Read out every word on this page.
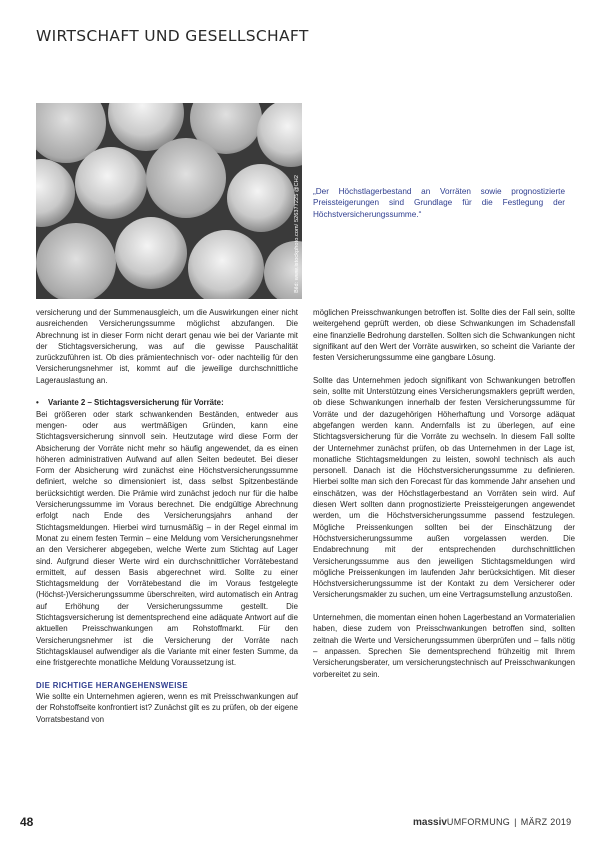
WIRTSCHAFT UND GESELLSCHAFT
Bild: www.istockphoto.com/ 526377225 @CH2 „Der Höchstlagerbestand an Vorräten sowie prognostizierte Preissteigerungen sind Grundlage für die Festlegung der Höchstversicherungssumme.“

versicherung und der Summenausgleich, um die Auswirkungen einer nicht ausreichenden Versicherungssumme möglichst abzufangen. Die Abrechnung ist in dieser Form nicht derart genau wie bei der Variante mit der Stichtagsversicherung, was auf die gewisse Pauschalität zurückzuführen ist. Ob dies prämientechnisch vor- oder nachteilig für den Versicherungsnehmer ist, kommt auf die jeweilige durchschnittliche Lagerauslastung an.

• Variante 2 – Stichtagsversicherung für Vorräte:

Bei größeren oder stark schwankenden Beständen, entweder aus mengen- oder aus wertmäßigen Gründen, kann eine Stichtagsversicherung sinnvoll sein. Heutzutage wird diese Form der Absicherung der Vorräte nicht mehr so häufig angewendet, da es einen höheren administrativen Aufwand auf allen Seiten bedeutet. Bei dieser Form der Absicherung wird zunächst eine Höchstversicherungssumme definiert, welche so dimensioniert ist, dass selbst Spitzenbestände berücksichtigt werden. Die Prämie wird zunächst jedoch nur für die halbe Versicherungssumme im Voraus berechnet. Die endgültige Abrechnung erfolgt nach Ende des Versicherungsjahrs anhand der Stichtagsmeldungen. Hierbei wird turnusmäßig – in der Regel einmal im Monat zu einem festen Termin – eine Meldung vom Versicherungsnehmer an den Versicherer abgegeben, welche Werte zum Stichtag auf Lager sind. Aufgrund dieser Werte wird ein durchschnittlicher Vorrätebestand ermittelt, auf dessen Basis abgerechnet wird. Sollte zu einer Stichtagsmeldung der Vorrätebestand die im Voraus festgelegte (Höchst-)Versicherungssumme überschreiten, wird automatisch ein Antrag auf Erhöhung der Versicherungssumme gestellt. Die Stichtagsversicherung ist dementsprechend eine adäquate Antwort auf die aktuellen Preisschwankungen am Rohstoffmarkt. Für den Versicherungsnehmer ist die Versicherung der Vorräte nach Stichtagsklausel aufwendiger als die Variante mit einer festen Summe, da eine fristgerechte monatliche Meldung Voraussetzung ist.

DIE RICHTIGE HERANGEHENSWEISE

Wie sollte ein Unternehmen agieren, wenn es mit Preisschwankungen auf der Rohstoffseite konfrontiert ist? Zunächst gilt es zu prüfen, ob der eigene Vorratsbestand von

möglichen Preisschwankungen betroffen ist. Sollte dies der Fall sein, sollte weitergehend geprüft werden, ob diese Schwankungen im Schadensfall eine finanzielle Bedrohung darstellen. Sollten sich die Schwankungen nicht signifikant auf den Wert der Vorräte auswirken, so scheint die Variante der festen Versicherungssumme eine gangbare Lösung.

Sollte das Unternehmen jedoch signifikant von Schwankungen betroffen sein, sollte mit Unterstützung eines Versicherungsmaklers geprüft werden, ob diese Schwankungen innerhalb der festen Versicherungssumme für Vorräte und der dazugehörigen Höherhaftung und Vorsorge adäquat abgefangen werden kann. Andernfalls ist zu überlegen, auf eine Stichtagsversicherung für die Vorräte zu wechseln. In diesem Fall sollte der Unternehmer zunächst prüfen, ob das Unternehmen in der Lage ist, monatliche Stichtagsmeldungen zu leisten, sowohl technisch als auch personell. Danach ist die Höchstversicherungssumme zu definieren. Hierbei sollte man sich den Forecast für das kommende Jahr ansehen und einschätzen, was der Höchstlagerbestand an Vorräten sein wird. Auf diesen Wert sollten dann prognostizierte Preissteigerungen angewendet werden, um die Höchstversicherungssumme passend festzulegen. Mögliche Preissenkungen sollten bei der Einschätzung der Höchstversicherungssumme außen vorgelassen werden. Die Endabrechnung mit der entsprechenden durchschnittlichen Versicherungssumme aus den jeweiligen Stichtagsmeldungen wird mögliche Preissenkungen im laufenden Jahr berücksichtigen. Mit dieser Höchstversicherungssumme ist der Kontakt zu dem Versicherer oder Versicherungsmakler zu suchen, um eine Vertragsumstellung anzustoßen.

Unternehmen, die momentan einen hohen Lagerbestand an Vormaterialien haben, diese zudem von Preisschwankungen betroffen sind, sollten zeitnah die Werte und Versicherungssummen überprüfen und – falls nötig – anpassen. Sprechen Sie dementsprechend frühzeitig mit Ihrem Versicherungsberater, um versicherungstechnisch auf Preisschwankungen vorbereitet zu sein.

48	massivUMFORMUNG | MÄRZ 2019
